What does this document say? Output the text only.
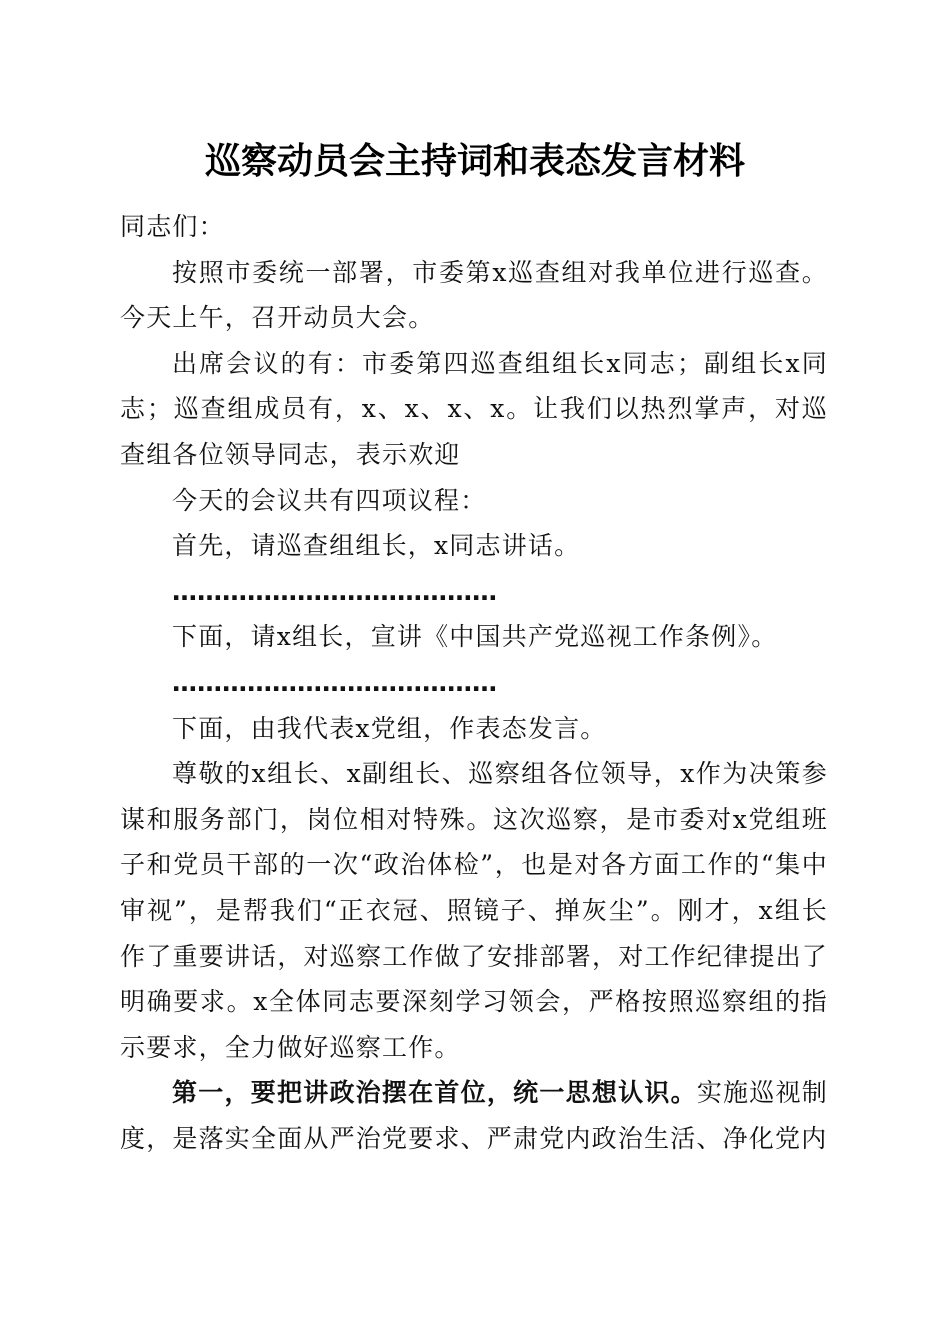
巡察动员会主持词和表态发言材料

同志们：

按照市委统一部署，市委第x巡查组对我单位进行巡查。今天上午，召开动员大会。

出席会议的有：市委第四巡查组组长x同志；副组长x同志；巡查组成员有，x、x、x、x。让我们以热烈掌声，对巡查组各位领导同志，表示欢迎

今天的会议共有四项议程：

首先，请巡查组组长，x同志讲话。

…………………………………

下面，请x组长，宣讲《中国共产党巡视工作条例》。

…………………………………

下面，由我代表x党组，作表态发言。

尊敬的x组长、x副组长、巡察组各位领导，x作为决策参谋和服务部门，岗位相对特殊。这次巡察，是市委对x党组班子和党员干部的一次“政治体检”，也是对各方面工作的“集中审视”，是帮我们“正衣冠、照镜子、掸灰尘”。刚才，x组长作了重要讲话，对巡察工作做了安排部署，对工作纪律提出了明确要求。x全体同志要深刻学习领会，严格按照巡察组的指示要求，全力做好巡察工作。

第一，要把讲政治摆在首位，统一思想认识。实施巡视制度，是落实全面从严治党要求、严肃党内政治生活、净化党内
